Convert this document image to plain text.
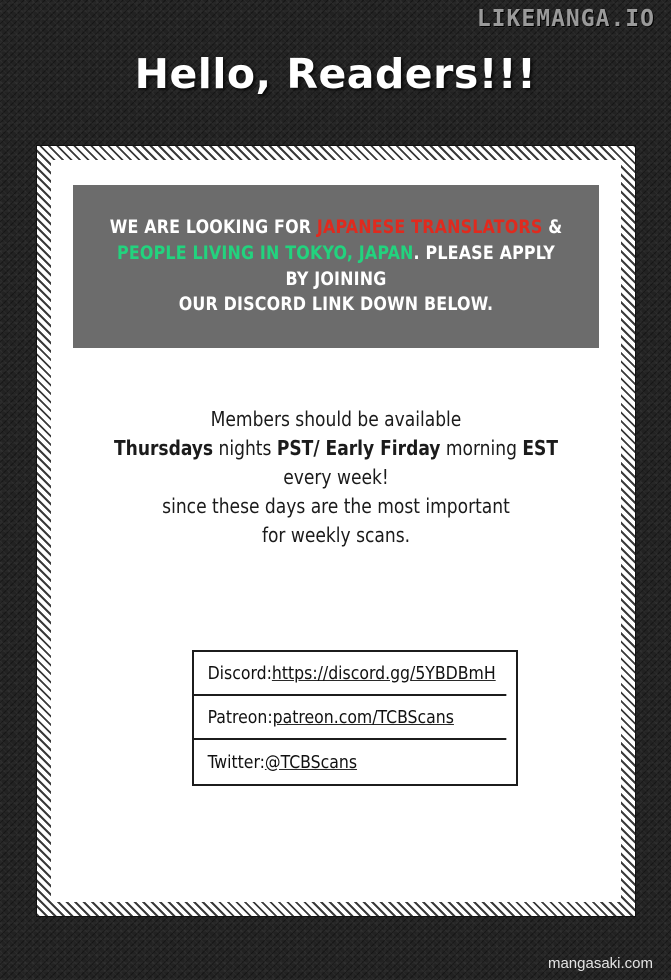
LIKEMANGA.IO
Hello, Readers!!!
WE ARE LOOKING FOR JAPANESE TRANSLATORS &
PEOPLE LIVING IN TOKYO, JAPAN. PLEASE APPLY BY JOINING
OUR DISCORD LINK DOWN BELOW.
Members should be available
Thursdays nights PST/ Early Firday morning EST
every week!
since these days are the most important
for weekly scans.
Discord: https://discord.gg/5YBDBmH
Patreon: patreon.com/TCBScans
Twitter: @TCBScans
mangasaki.com
